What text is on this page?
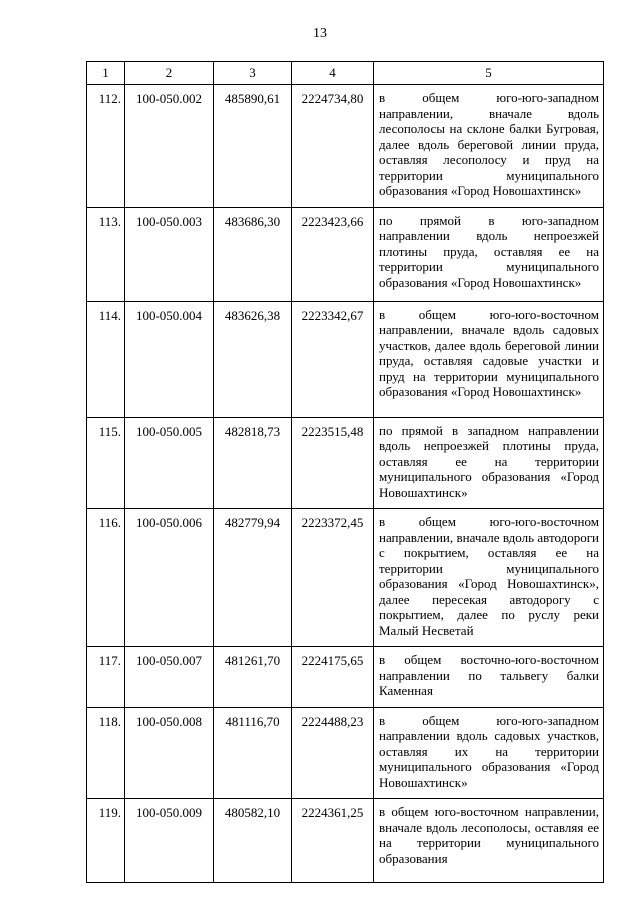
13
1	2	3	4	5
112.	100-050.002	485890,61	2224734,80	в общем юго-юго-западном направлении, вначале вдоль лесополосы на склоне балки Бугровая, далее вдоль береговой линии пруда, оставляя лесополосу и пруд на территории муниципального образования «Город Новошахтинск»
113.	100-050.003	483686,30	2223423,66	по прямой в юго-западном направлении вдоль непроезжей плотины пруда, оставляя ее на территории муниципального образования «Город Новошахтинск»
114.	100-050.004	483626,38	2223342,67	в общем юго-юго-восточном направлении, вначале вдоль садовых участков, далее вдоль береговой линии пруда, оставляя садовые участки и пруд на территории муниципального образования «Город Новошахтинск»
115.	100-050.005	482818,73	2223515,48	по прямой в западном направлении вдоль непроезжей плотины пруда, оставляя ее на территории муниципального образования «Город Новошахтинск»
116.	100-050.006	482779,94	2223372,45	в общем юго-юго-восточном направлении, вначале вдоль автодороги с покрытием, оставляя ее на территории муниципального образования «Город Новошахтинск», далее пересекая автодорогу с покрытием, далее по руслу реки Малый Несветай
117.	100-050.007	481261,70	2224175,65	в общем восточно-юго-восточном направлении по тальвегу балки Каменная
118.	100-050.008	481116,70	2224488,23	в общем юго-юго-западном направлении вдоль садовых участков, оставляя их на территории муниципального образования «Город Новошахтинск»
119.	100-050.009	480582,10	2224361,25	в общем юго-восточном направлении, вначале вдоль лесополосы, оставляя ее на территории муниципального образования
